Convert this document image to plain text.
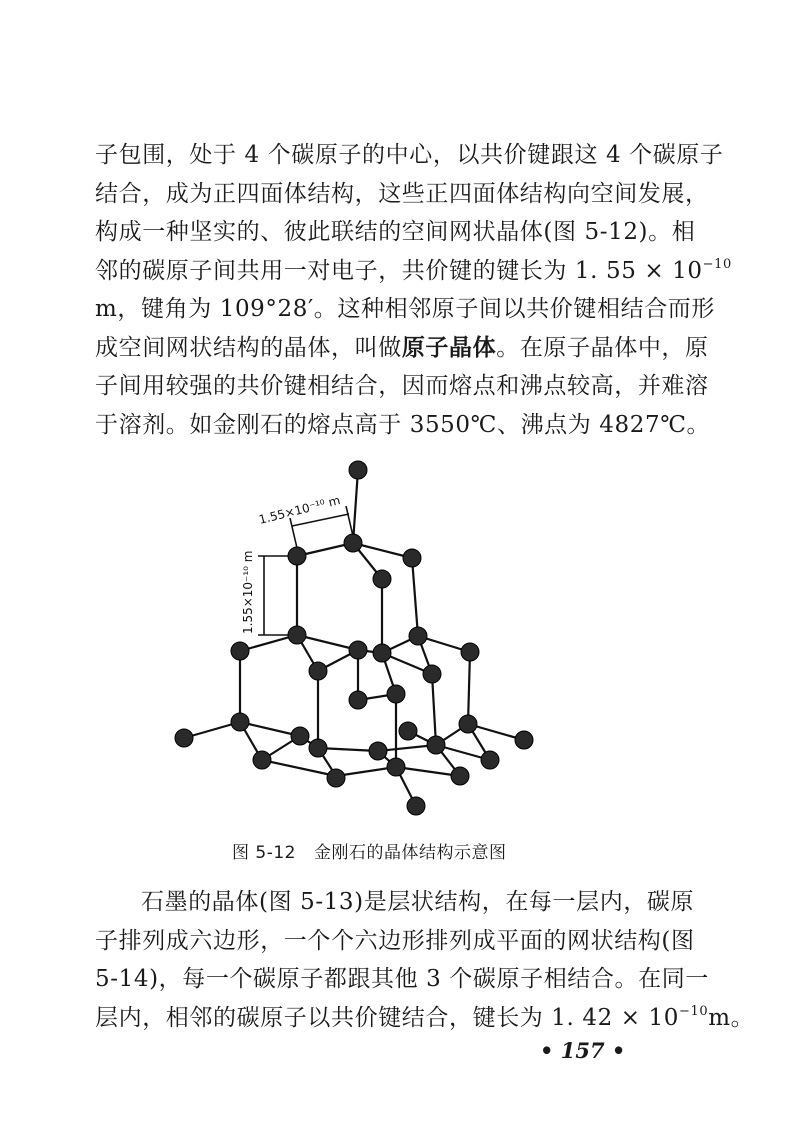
子包围，处于 4 个碳原子的中心，以共价键跟这 4 个碳原子
结合，成为正四面体结构，这些正四面体结构向空间发展，
构成一种坚实的、彼此联结的空间网状晶体(图 5-12)。相
邻的碳原子间共用一对电子，共价键的键长为 1. $55 \times 10^{-10}$
m，键角为 109°28′。这种相邻原子间以共价键相结合而形
成空间网状结构的晶体，叫做原子晶体。在原子晶体中，原
子间用较强的共价键相结合，因而熔点和沸点较高，并难溶
于溶剂。如金刚石的熔点高于 3550℃、沸点为 4827℃。
1.55×10⁻¹⁰ m
1.55×10⁻¹⁰ m
图 5-12 金刚石的晶体结构示意图
石墨的晶体(图 5-13)是层状结构，在每一层内，碳原
子排列成六边形，一个个六边形排列成平面的网状结构(图
5-14)，每一个碳原子都跟其他 3 个碳原子相结合。在同一
层内，相邻的碳原子以共价键结合，键长为 1. $42 \times 10^{-10}m$。
• 157 •
